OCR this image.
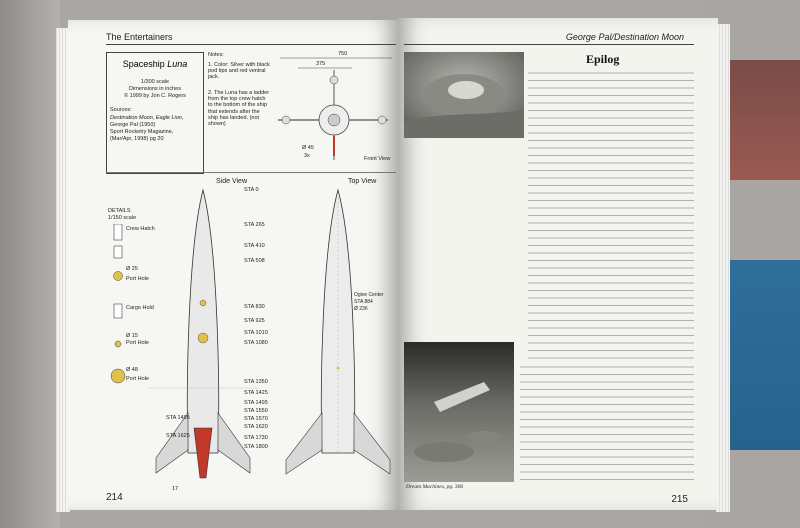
The Entertainers
Spaceship Luna
1/300 scale
Dimensions in inches
© 1999 by Jon C. Rogers
Sources:
Destination Moon, Eagle Lion,
George Pal (1950)
Sport Rocketry Magazine,
(Mar/Apr, 1998) pg 20
Notes:
1. Color: Silver with black pod tips and red ventral jack.
2. The Luna has a ladder from the top crew hatch to the bottom of the ship that extends after the ship has landed. (not shown)
750
375
3x
Ø 45
Front View
DETAILS
1/150 scale
Crew Hatch
Ø 25
Port Hole
Cargo Hold
Ø 15
Port Hole
Ø 48
Port Hole
Side View
STA 1495
STA 1625
17
STA 0
STA 265
STA 410
STA 508
STA 830
STA 925
STA 1010
STA 1080
STA 1350
STA 1425
STA 1495
STA 1550
STA 1570
STA 1620
STA 1730
STA 1800
Top View
Ogive Center
STA 884
Ø 236
214

George Pal/Destination Moon
Epilog
Dream Machines, pg. 306
215
